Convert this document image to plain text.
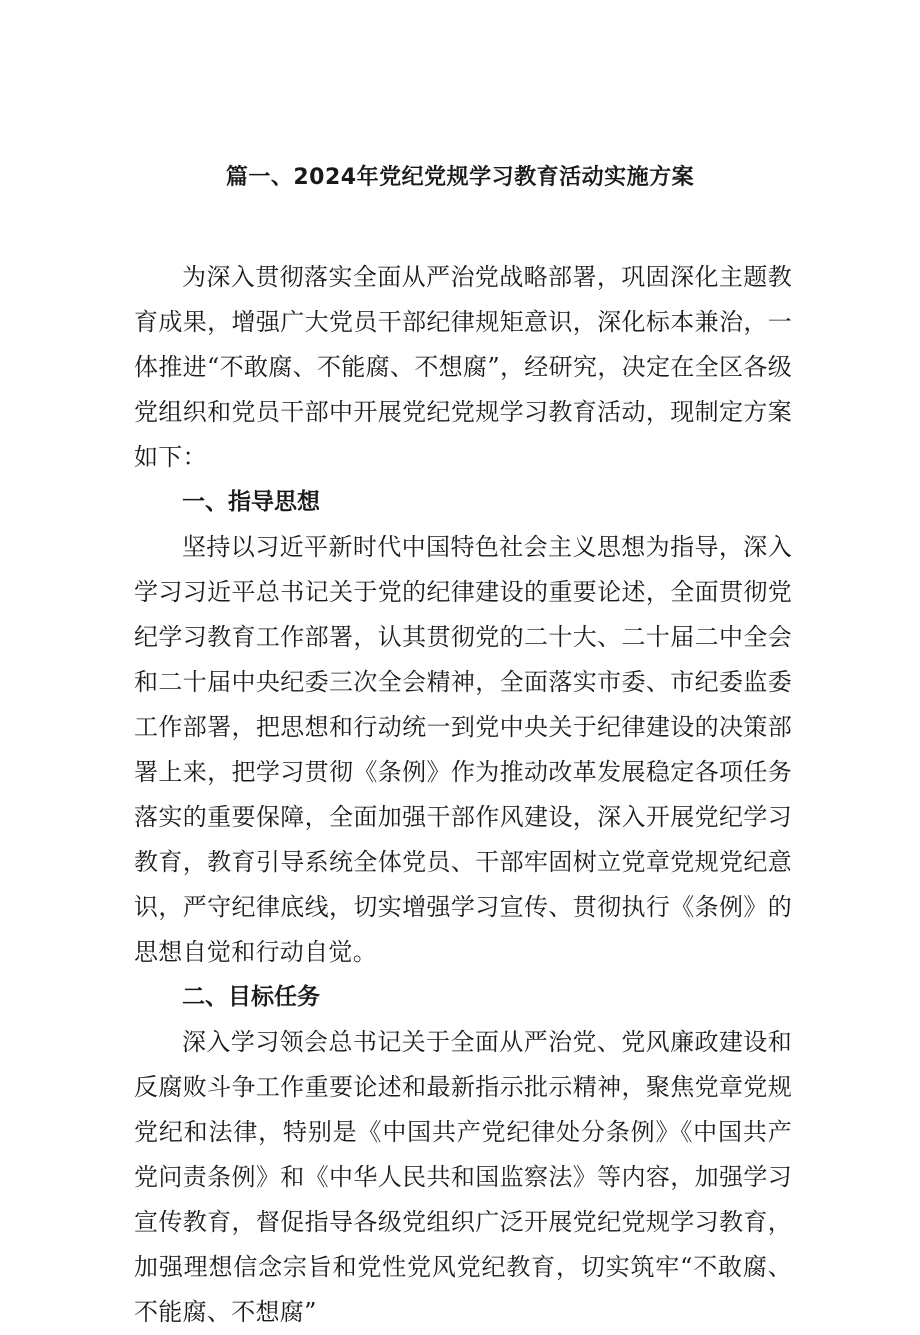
篇一、2024年党纪党规学习教育活动实施方案

为深入贯彻落实全面从严治党战略部署，巩固深化主题教育成果，增强广大党员干部纪律规矩意识，深化标本兼治，一体推进“不敢腐、不能腐、不想腐”，经研究，决定在全区各级党组织和党员干部中开展党纪党规学习教育活动，现制定方案如下：

一、指导思想

坚持以习近平新时代中国特色社会主义思想为指导，深入学习习近平总书记关于党的纪律建设的重要论述，全面贯彻党纪学习教育工作部署，认其贯彻党的二十大、二十届二中全会和二十届中央纪委三次全会精神，全面落实市委、市纪委监委工作部署，把思想和行动统一到党中央关于纪律建设的决策部署上来，把学习贯彻《条例》作为推动改革发展稳定各项任务落实的重要保障，全面加强干部作风建设，深入开展党纪学习教育，教育引导系统全体党员、干部牢固树立党章党规党纪意识，严守纪律底线，切实增强学习宣传、贯彻执行《条例》的思想自觉和行动自觉。

二、目标任务

深入学习领会总书记关于全面从严治党、党风廉政建设和反腐败斗争工作重要论述和最新指示批示精神，聚焦党章党规党纪和法律，特别是《中国共产党纪律处分条例》《中国共产党问责条例》和《中华人民共和国监察法》等内容，加强学习宣传教育，督促指导各级党组织广泛开展党纪党规学习教育，加强理想信念宗旨和党性党风党纪教育，切实筑牢“不敢腐、不能腐、不想腐”
